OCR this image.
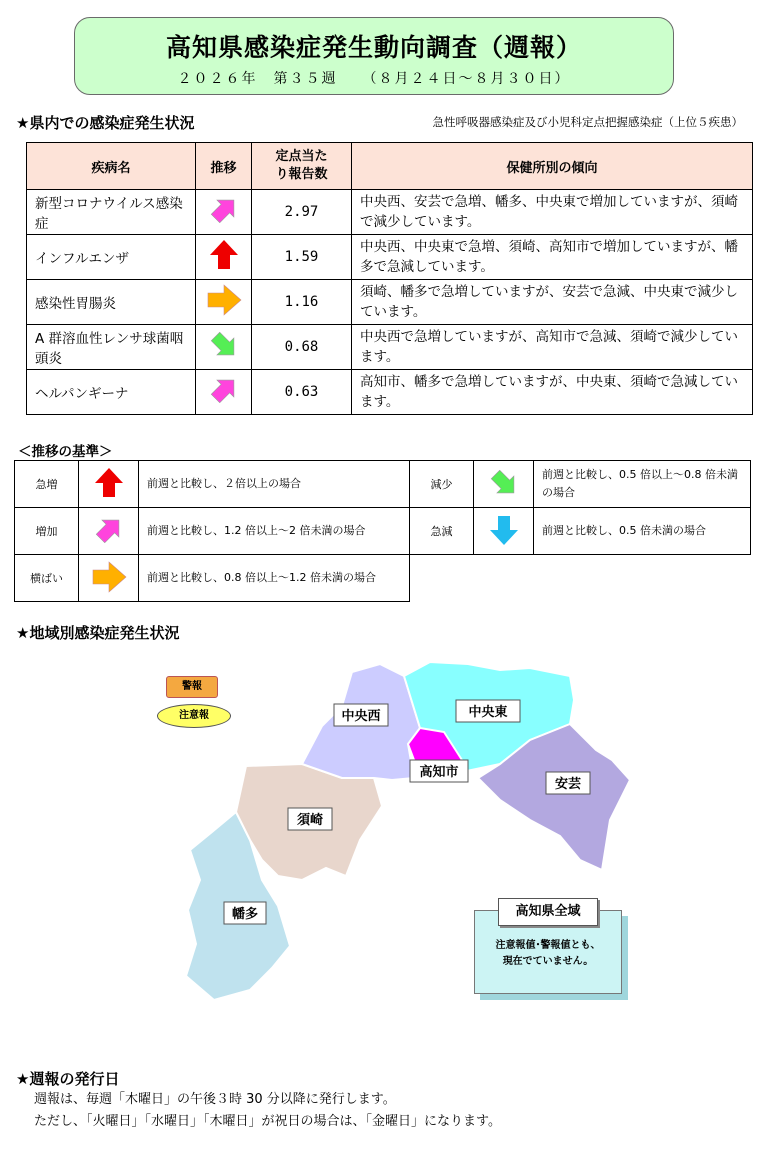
高知県感染症発生動向調査（週報）
２０２６年　第３５週　　（８月２４日～８月３０日）
★県内での感染症発生状況	急性呼吸器感染症及び小児科定点把握感染症（上位５疾患）
疾病名	推移	定点当たり報告数	保健所別の傾向
新型コロナウイルス感染症		2.97	中央西、安芸で急増、幡多、中央東で増加していますが、須崎で減少しています。
インフルエンザ		1.59	中央西、中央東で急増、須崎、高知市で増加していますが、幡多で急減しています。
感染性胃腸炎		1.16	須崎、幡多で急増していますが、安芸で急減、中央東で減少しています。
A 群溶血性レンサ球菌咽頭炎		0.68	中央西で急増していますが、高知市で急減、須崎で減少しています。
ヘルパンギーナ		0.63	高知市、幡多で急増していますが、中央東、須崎で急減しています。
＜推移の基準＞
急増		前週と比較し、２倍以上の場合	減少		前週と比較し、0.5 倍以上～0.8 倍未満の場合
増加		前週と比較し、1.2 倍以上～2 倍未満の場合	急減		前週と比較し、0.5 倍未満の場合
横ばい		前週と比較し、0.8 倍以上～1.2 倍未満の場合			
★地域別感染症発生状況
警報
注意報	中央西	中央東
高知市
安芸
須崎
幡多	高知県全域
注意報値･警報値とも、
現在でていません。
★週報の発行日
週報は、毎週「木曜日」の午後３時 30 分以降に発行します。
ただし、「火曜日」「水曜日」「木曜日」が祝日の場合は、「金曜日」になります。
